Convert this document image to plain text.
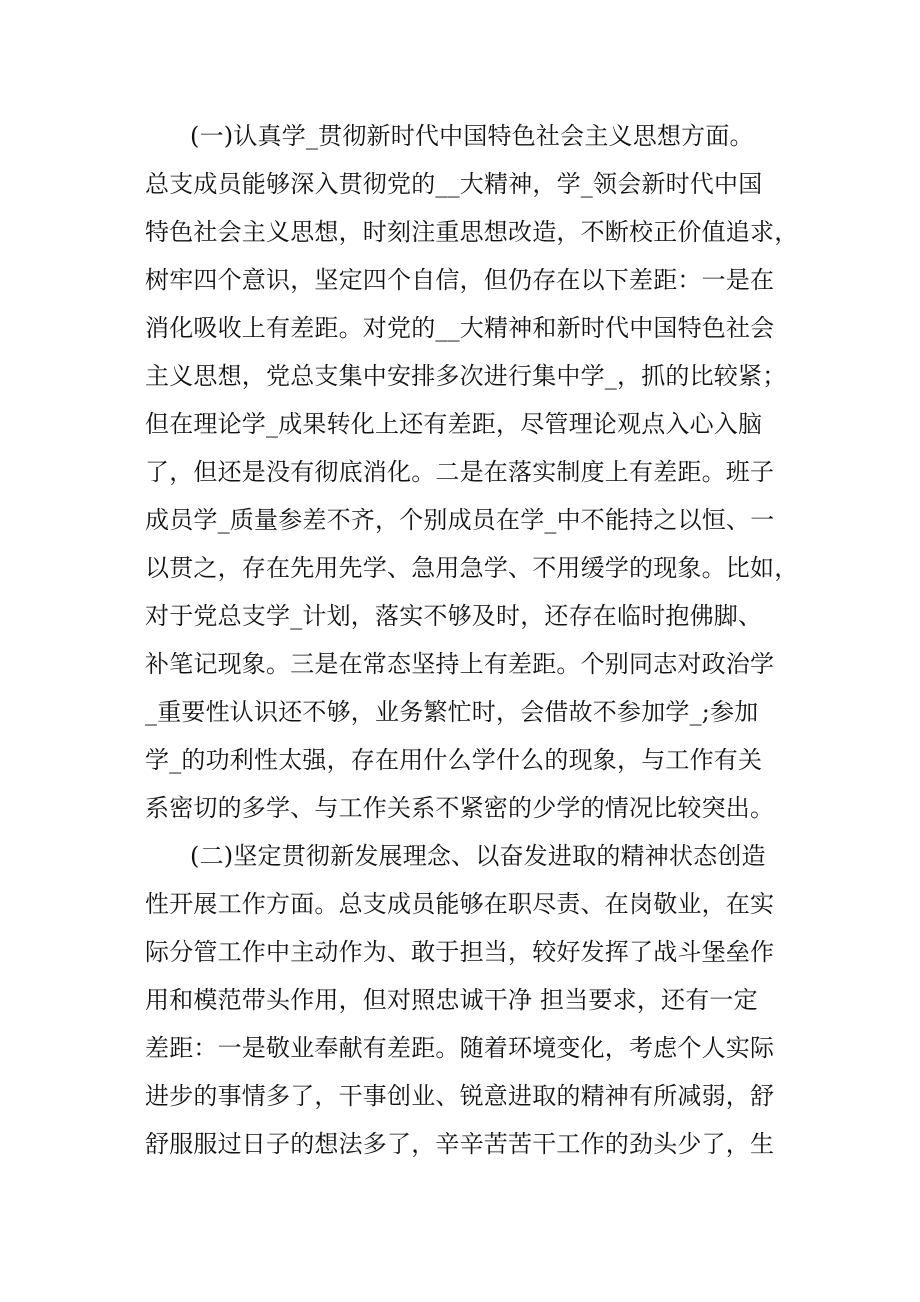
(一)认真学_贯彻新时代中国特色社会主义思想方面。
总支成员能够深入贯彻党的__大精神，学_领会新时代中国
特色社会主义思想，时刻注重思想改造，不断校正价值追求，
树牢四个意识，坚定四个自信，但仍存在以下差距：一是在
消化吸收上有差距。对党的__大精神和新时代中国特色社会
主义思想，党总支集中安排多次进行集中学_，抓的比较紧；
但在理论学_成果转化上还有差距，尽管理论观点入心入脑
了，但还是没有彻底消化。二是在落实制度上有差距。班子
成员学_质量参差不齐，个别成员在学_中不能持之以恒、一
以贯之，存在先用先学、急用急学、不用缓学的现象。比如，
对于党总支学_计划，落实不够及时，还存在临时抱佛脚、
补笔记现象。三是在常态坚持上有差距。个别同志对政治学
_重要性认识还不够，业务繁忙时，会借故不参加学_;参加
学_的功利性太强，存在用什么学什么的现象，与工作有关
系密切的多学、与工作关系不紧密的少学的情况比较突出。
(二)坚定贯彻新发展理念、以奋发进取的精神状态创造
性开展工作方面。总支成员能够在职尽责、在岗敬业，在实
际分管工作中主动作为、敢于担当，较好发挥了战斗堡垒作
用和模范带头作用，但对照忠诚干净 担当要求，还有一定
差距：一是敬业奉献有差距。随着环境变化，考虑个人实际
进步的事情多了，干事创业、锐意进取的精神有所减弱，舒
舒服服过日子的想法多了，辛辛苦苦干工作的劲头少了，生
